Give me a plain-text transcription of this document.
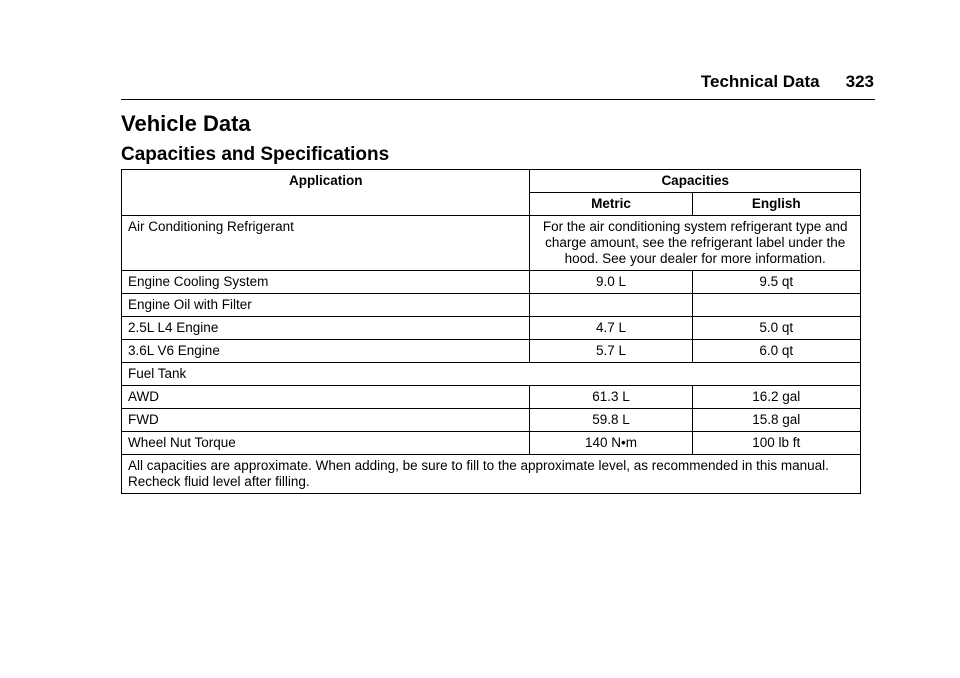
Technical Data 323
Vehicle Data
Capacities and Specifications
Application	Capacities	
	Metric	English
Air Conditioning Refrigerant	For the air conditioning system refrigerant type and charge amount, see the refrigerant label under the hood. See your dealer for more information.	
Engine Cooling System	9.0 L	9.5 qt
Engine Oil with Filter		
2.5L L4 Engine	4.7 L	5.0 qt
3.6L V6 Engine	5.7 L	6.0 qt
Fuel Tank		
AWD	61.3 L	16.2 gal
FWD	59.8 L	15.8 gal
Wheel Nut Torque	140 N•m	100 lb ft
All capacities are approximate. When adding, be sure to fill to the approximate level, as recommended in this manual. Recheck fluid level after filling.		
